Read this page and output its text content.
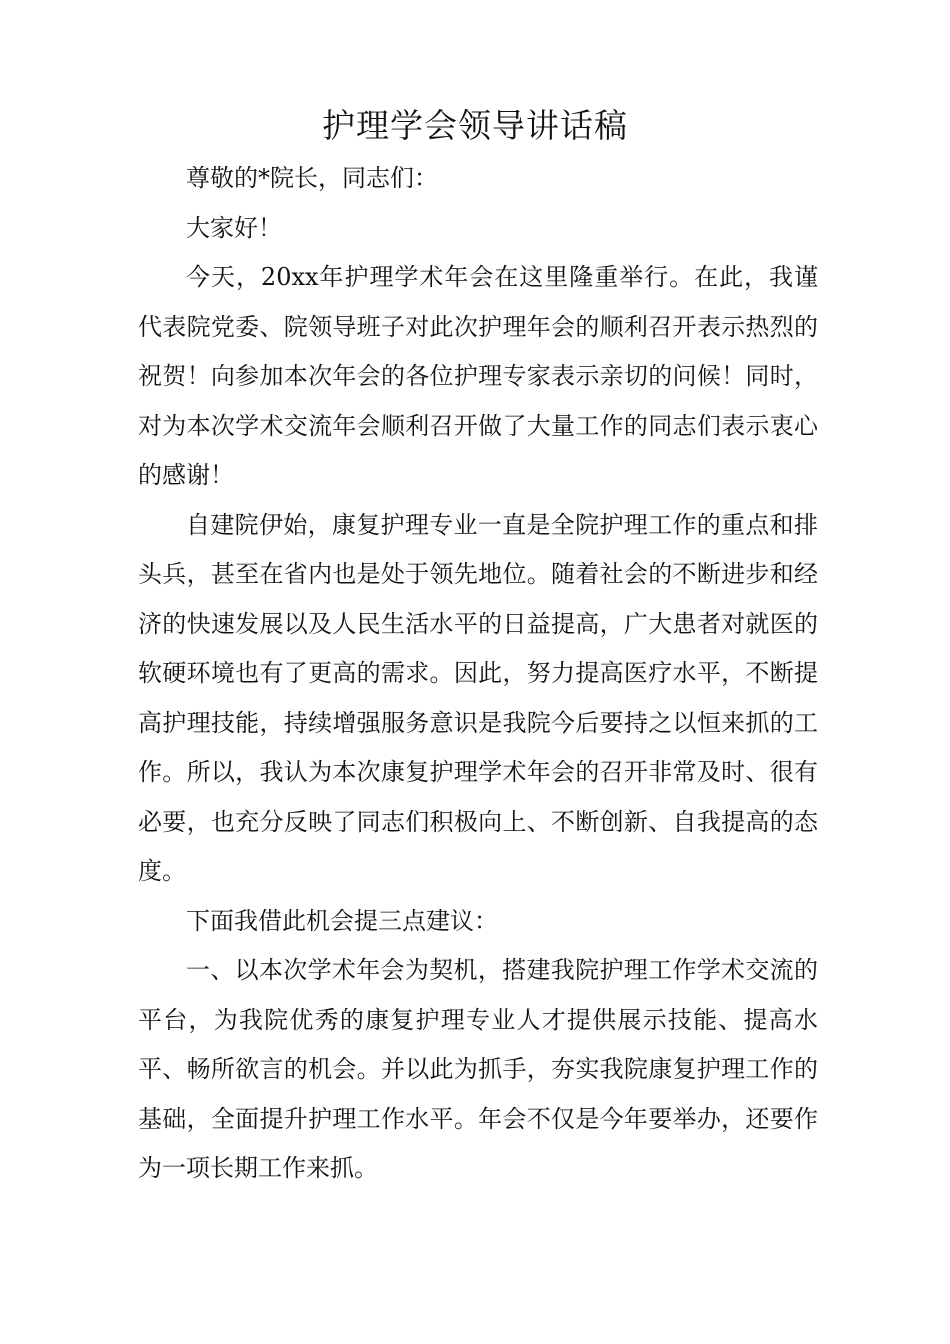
护理学会领导讲话稿

尊敬的*院长，同志们：

大家好！

今天，20xx年护理学术年会在这里隆重举行。在此，我谨代表院党委、院领导班子对此次护理年会的顺利召开表示热烈的祝贺！向参加本次年会的各位护理专家表示亲切的问候！同时，对为本次学术交流年会顺利召开做了大量工作的同志们表示衷心的感谢！

自建院伊始，康复护理专业一直是全院护理工作的重点和排头兵，甚至在省内也是处于领先地位。随着社会的不断进步和经济的快速发展以及人民生活水平的日益提高，广大患者对就医的软硬环境也有了更高的需求。因此，努力提高医疗水平，不断提高护理技能，持续增强服务意识是我院今后要持之以恒来抓的工作。所以，我认为本次康复护理学术年会的召开非常及时、很有必要，也充分反映了同志们积极向上、不断创新、自我提高的态度。

下面我借此机会提三点建议：

一、以本次学术年会为契机，搭建我院护理工作学术交流的平台，为我院优秀的康复护理专业人才提供展示技能、提高水平、畅所欲言的机会。并以此为抓手，夯实我院康复护理工作的基础，全面提升护理工作水平。年会不仅是今年要举办，还要作为一项长期工作来抓。
